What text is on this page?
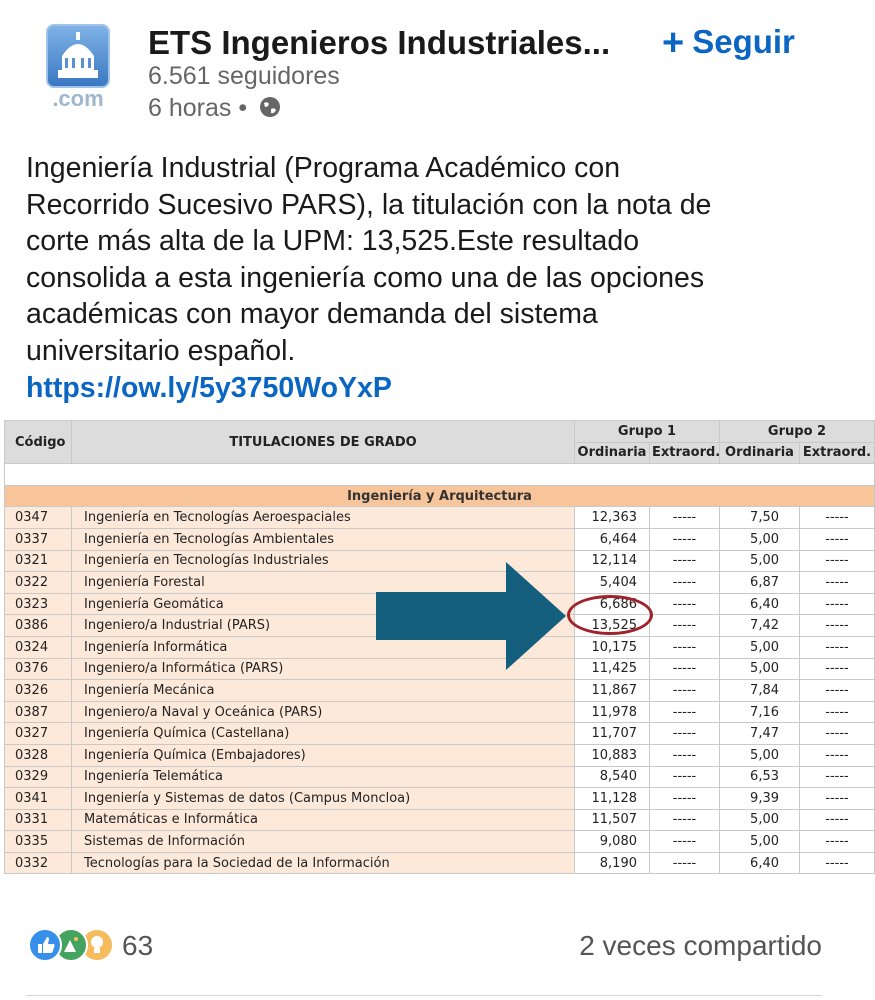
.com
ETS Ingenieros Industriales...
6.561 seguidores
6 horas •
+ Seguir
Ingeniería Industrial (Programa Académico con
Recorrido Sucesivo PARS), la titulación con la nota de
corte más alta de la UPM: 13,525.Este resultado
consolida a esta ingeniería como una de las opciones
académicas con mayor demanda del sistema
universitario español.
https://ow.ly/5y3750WoYxP
Código	TITULACIONES DE GRADO	Grupo 1		Grupo 2	
		Ordinaria	Extraord.	Ordinaria	Extraord.

Ingeniería y Arquitectura					
0347	Ingeniería en Tecnologías Aeroespaciales	12,363	-----	7,50	-----
0337	Ingeniería en Tecnologías Ambientales	6,464	-----	5,00	-----
0321	Ingeniería en Tecnologías Industriales	12,114	-----	5,00	-----
0322	Ingeniería Forestal	5,404	-----	6,87	-----
0323	Ingeniería Geomática	6,686	-----	6,40	-----
0386	Ingeniero/a Industrial (PARS)	13,525	-----	7,42	-----
0324	Ingeniería Informática	10,175	-----	5,00	-----
0376	Ingeniero/a Informática (PARS)	11,425	-----	5,00	-----
0326	Ingeniería Mecánica	11,867	-----	7,84	-----
0387	Ingeniero/a Naval y Oceánica (PARS)	11,978	-----	7,16	-----
0327	Ingeniería Química (Castellana)	11,707	-----	7,47	-----
0328	Ingeniería Química (Embajadores)	10,883	-----	5,00	-----
0329	Ingeniería Telemática	8,540	-----	6,53	-----
0341	Ingeniería y Sistemas de datos (Campus Moncloa)	11,128	-----	9,39	-----
0331	Matemáticas e Informática	11,507	-----	5,00	-----
0335	Sistemas de Información	9,080	-----	5,00	-----
0332	Tecnologías para la Sociedad de la Información	8,190	-----	6,40	-----
63	2 veces compartido
